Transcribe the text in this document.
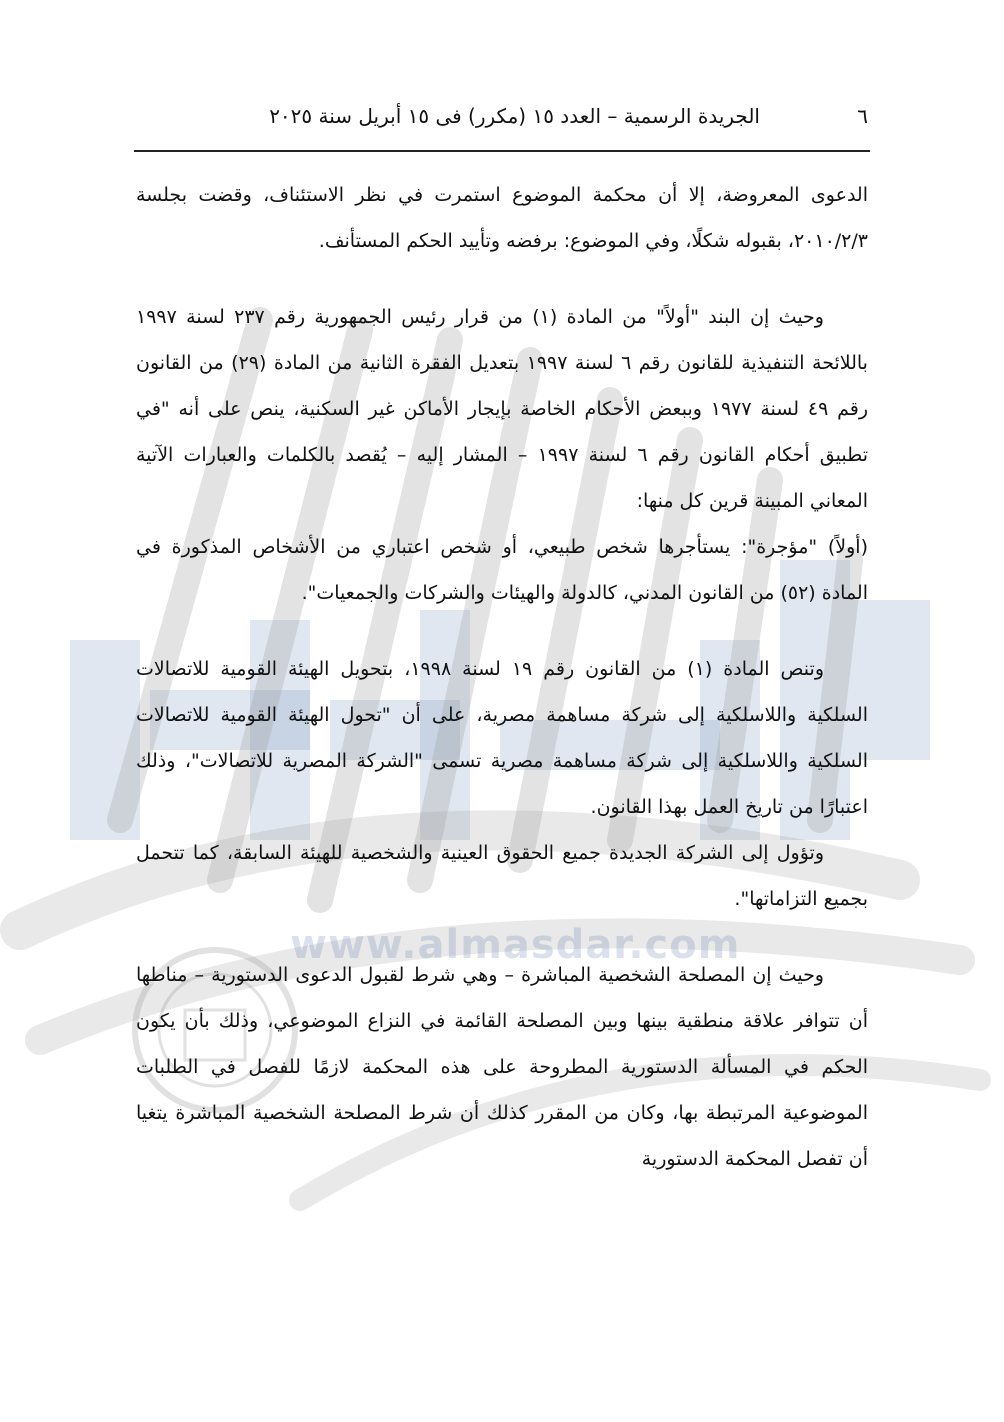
www.almasdar.com
٦
الجريدة الرسمية – العدد ١٥ (مكرر) فى ١٥ أبريل سنة ٢٠٢٥

الدعوى المعروضة، إلا أن محكمة الموضوع استمرت في نظر الاستئناف، وقضت بجلسة ٢٠١٠/٢/٣، بقبوله شكلًا، وفي الموضوع: برفضه وتأييد الحكم المستأنف.

وحيث إن البند "أولاً" من المادة (١) من قرار رئيس الجمهورية رقم ٢٣٧ لسنة ١٩٩٧ باللائحة التنفيذية للقانون رقم ٦ لسنة ١٩٩٧ بتعديل الفقرة الثانية من المادة (٢٩) من القانون رقم ٤٩ لسنة ١٩٧٧ وببعض الأحكام الخاصة بإيجار الأماكن غير السكنية، ينص على أنه "في تطبيق أحكام القانون رقم ٦ لسنة ١٩٩٧ – المشار إليه – يُقصد بالكلمات والعبارات الآتية المعاني المبينة قرين كل منها:

(أولاً) "مؤجرة": يستأجرها شخص طبيعي، أو شخص اعتباري من الأشخاص المذكورة في المادة (٥٢) من القانون المدني، كالدولة والهيئات والشركات والجمعيات".

وتنص المادة (١) من القانون رقم ١٩ لسنة ١٩٩٨، بتحويل الهيئة القومية للاتصالات السلكية واللاسلكية إلى شركة مساهمة مصرية، على أن "تحول الهيئة القومية للاتصالات السلكية واللاسلكية إلى شركة مساهمة مصرية تسمى "الشركة المصرية للاتصالات"، وذلك اعتبارًا من تاريخ العمل بهذا القانون.

وتؤول إلى الشركة الجديدة جميع الحقوق العينية والشخصية للهيئة السابقة، كما تتحمل بجميع التزاماتها".

وحيث إن المصلحة الشخصية المباشرة – وهي شرط لقبول الدعوى الدستورية – مناطها أن تتوافر علاقة منطقية بينها وبين المصلحة القائمة في النزاع الموضوعي، وذلك بأن يكون الحكم في المسألة الدستورية المطروحة على هذه المحكمة لازمًا للفصل في الطلبات الموضوعية المرتبطة بها، وكان من المقرر كذلك أن شرط المصلحة الشخصية المباشرة يتغيا أن تفصل المحكمة الدستورية
